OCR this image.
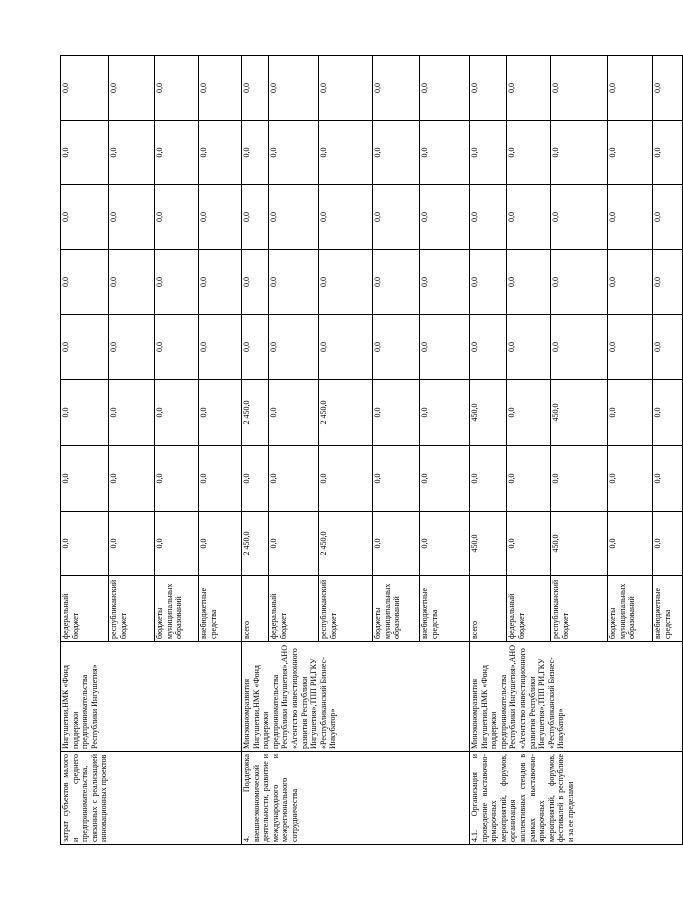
затрат субъектов малого и среднего предпринимательства, связанных с реализацией инновационных проектов	Ингушетии,НМК «Фонд поддержки предпринимательства Республики Ингушетия»	федеральный бюджет	0,0	0,0	0,0	0,0	0,0	0,0	0,0	0,0
		республиканский бюджет	0,0	0,0	0,0	0,0	0,0	0,0	0,0	0,0
		бюджеты муниципальных образований	0,0	0,0	0,0	0,0	0,0	0,0	0,0	0,0
		внебюджетные средства	0,0	0,0	0,0	0,0	0,0	0,0	0,0	0,0
4. Поддержка внешнеэкономической деятельности, развитие и международного и межрегионального сотрудничества	Минэкономразвития Ингушетии,НМК «Фонд поддержки предпринимательства Республики Ингушетия»,АНО «Агентство инвестиционного развития Республики Ингушетия»,ТПП РИ,ГКУ «Республиканский Бизнес-Инкубатор»	всего	2 450,0	0,0	2 450,0	0,0	0,0	0,0	0,0	0,0
		федеральный бюджет	0,0	0,0	0,0	0,0	0,0	0,0	0,0	0,0
		республиканский бюджет	2 450,0	0,0	2 450,0	0,0	0,0	0,0	0,0	0,0
		бюджеты муниципальных образований	0,0	0,0	0,0	0,0	0,0	0,0	0,0	0,0
		внебюджетные средства	0,0	0,0	0,0	0,0	0,0	0,0	0,0	0,0
4.1. Организация и проведение выставочно-ярмарочных мероприятий, форумов, организация коллективных стендов в рамках выставочно-ярмарочных мероприятий, форумов, фестивалей в республике и за ее пределами	Минэкономразвития Ингушетии,НМК «Фонд поддержки предпринимательства Республики Ингушетия»,АНО «Агентство инвестиционного развития Республики Ингушетия»,ТПП РИ,ГКУ «Республиканский Бизнес-Инкубатор»	всего	450,0	0,0	450,0	0,0	0,0	0,0	0,0	0,0
		федеральный бюджет	0,0	0,0	0,0	0,0	0,0	0,0	0,0	0,0
		республиканский бюджет	450,0	0,0	450,0	0,0	0,0	0,0	0,0	0,0
		бюджеты муниципальных образований	0,0	0,0	0,0	0,0	0,0	0,0	0,0	0,0
		внебюджетные средства	0,0	0,0	0,0	0,0	0,0	0,0	0,0	0,0
